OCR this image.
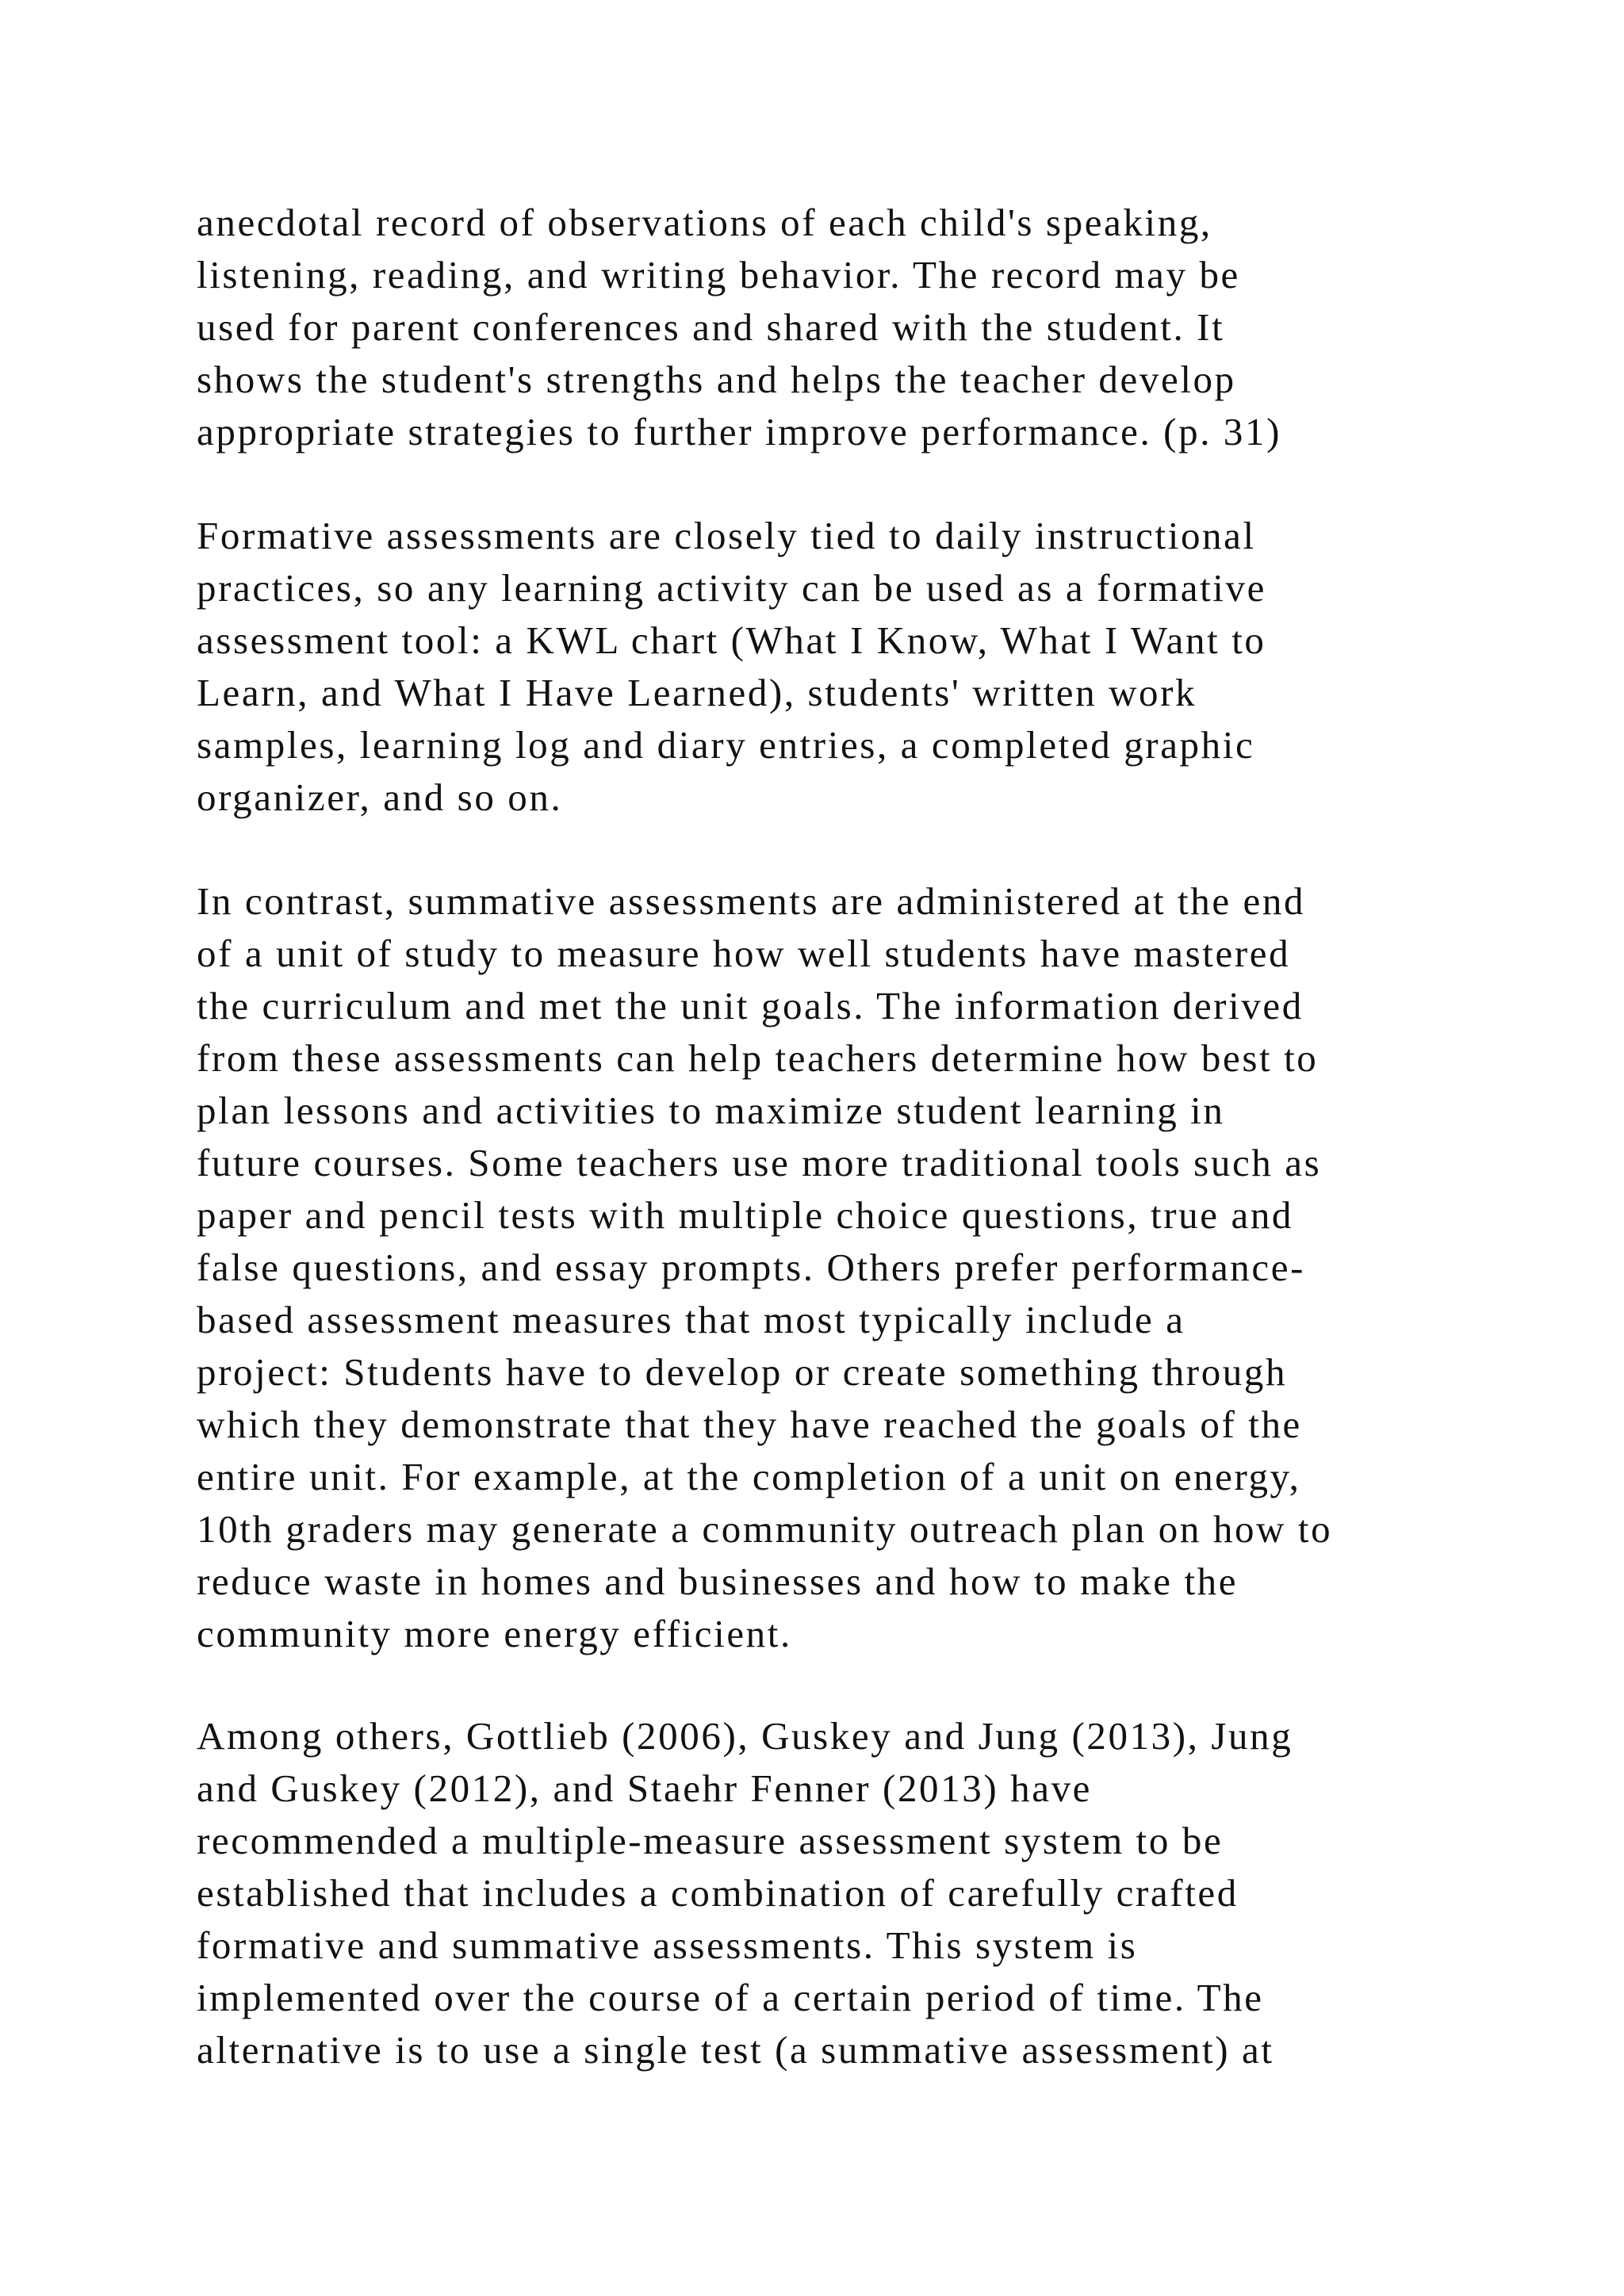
anecdotal record of observations of each child's speaking,
listening, reading, and writing behavior. The record may be
used for parent conferences and shared with the student. It
shows the student's strengths and helps the teacher develop
appropriate strategies to further improve performance. (p. 31)

Formative assessments are closely tied to daily instructional
practices, so any learning activity can be used as a formative
assessment tool: a KWL chart (What I Know, What I Want to
Learn, and What I Have Learned), students' written work
samples, learning log and diary entries, a completed graphic
organizer, and so on.

In contrast, summative assessments are administered at the end
of a unit of study to measure how well students have mastered
the curriculum and met the unit goals. The information derived
from these assessments can help teachers determine how best to
plan lessons and activities to maximize student learning in
future courses. Some teachers use more traditional tools such as
paper and pencil tests with multiple choice questions, true and
false questions, and essay prompts. Others prefer performance-
based assessment measures that most typically include a
project: Students have to develop or create something through
which they demonstrate that they have reached the goals of the
entire unit. For example, at the completion of a unit on energy,
10th graders may generate a community outreach plan on how to
reduce waste in homes and businesses and how to make the
community more energy efficient.

Among others, Gottlieb (2006), Guskey and Jung (2013), Jung
and Guskey (2012), and Staehr Fenner (2013) have
recommended a multiple-measure assessment system to be
established that includes a combination of carefully crafted
formative and summative assessments. This system is
implemented over the course of a certain period of time. The
alternative is to use a single test (a summative assessment) at
